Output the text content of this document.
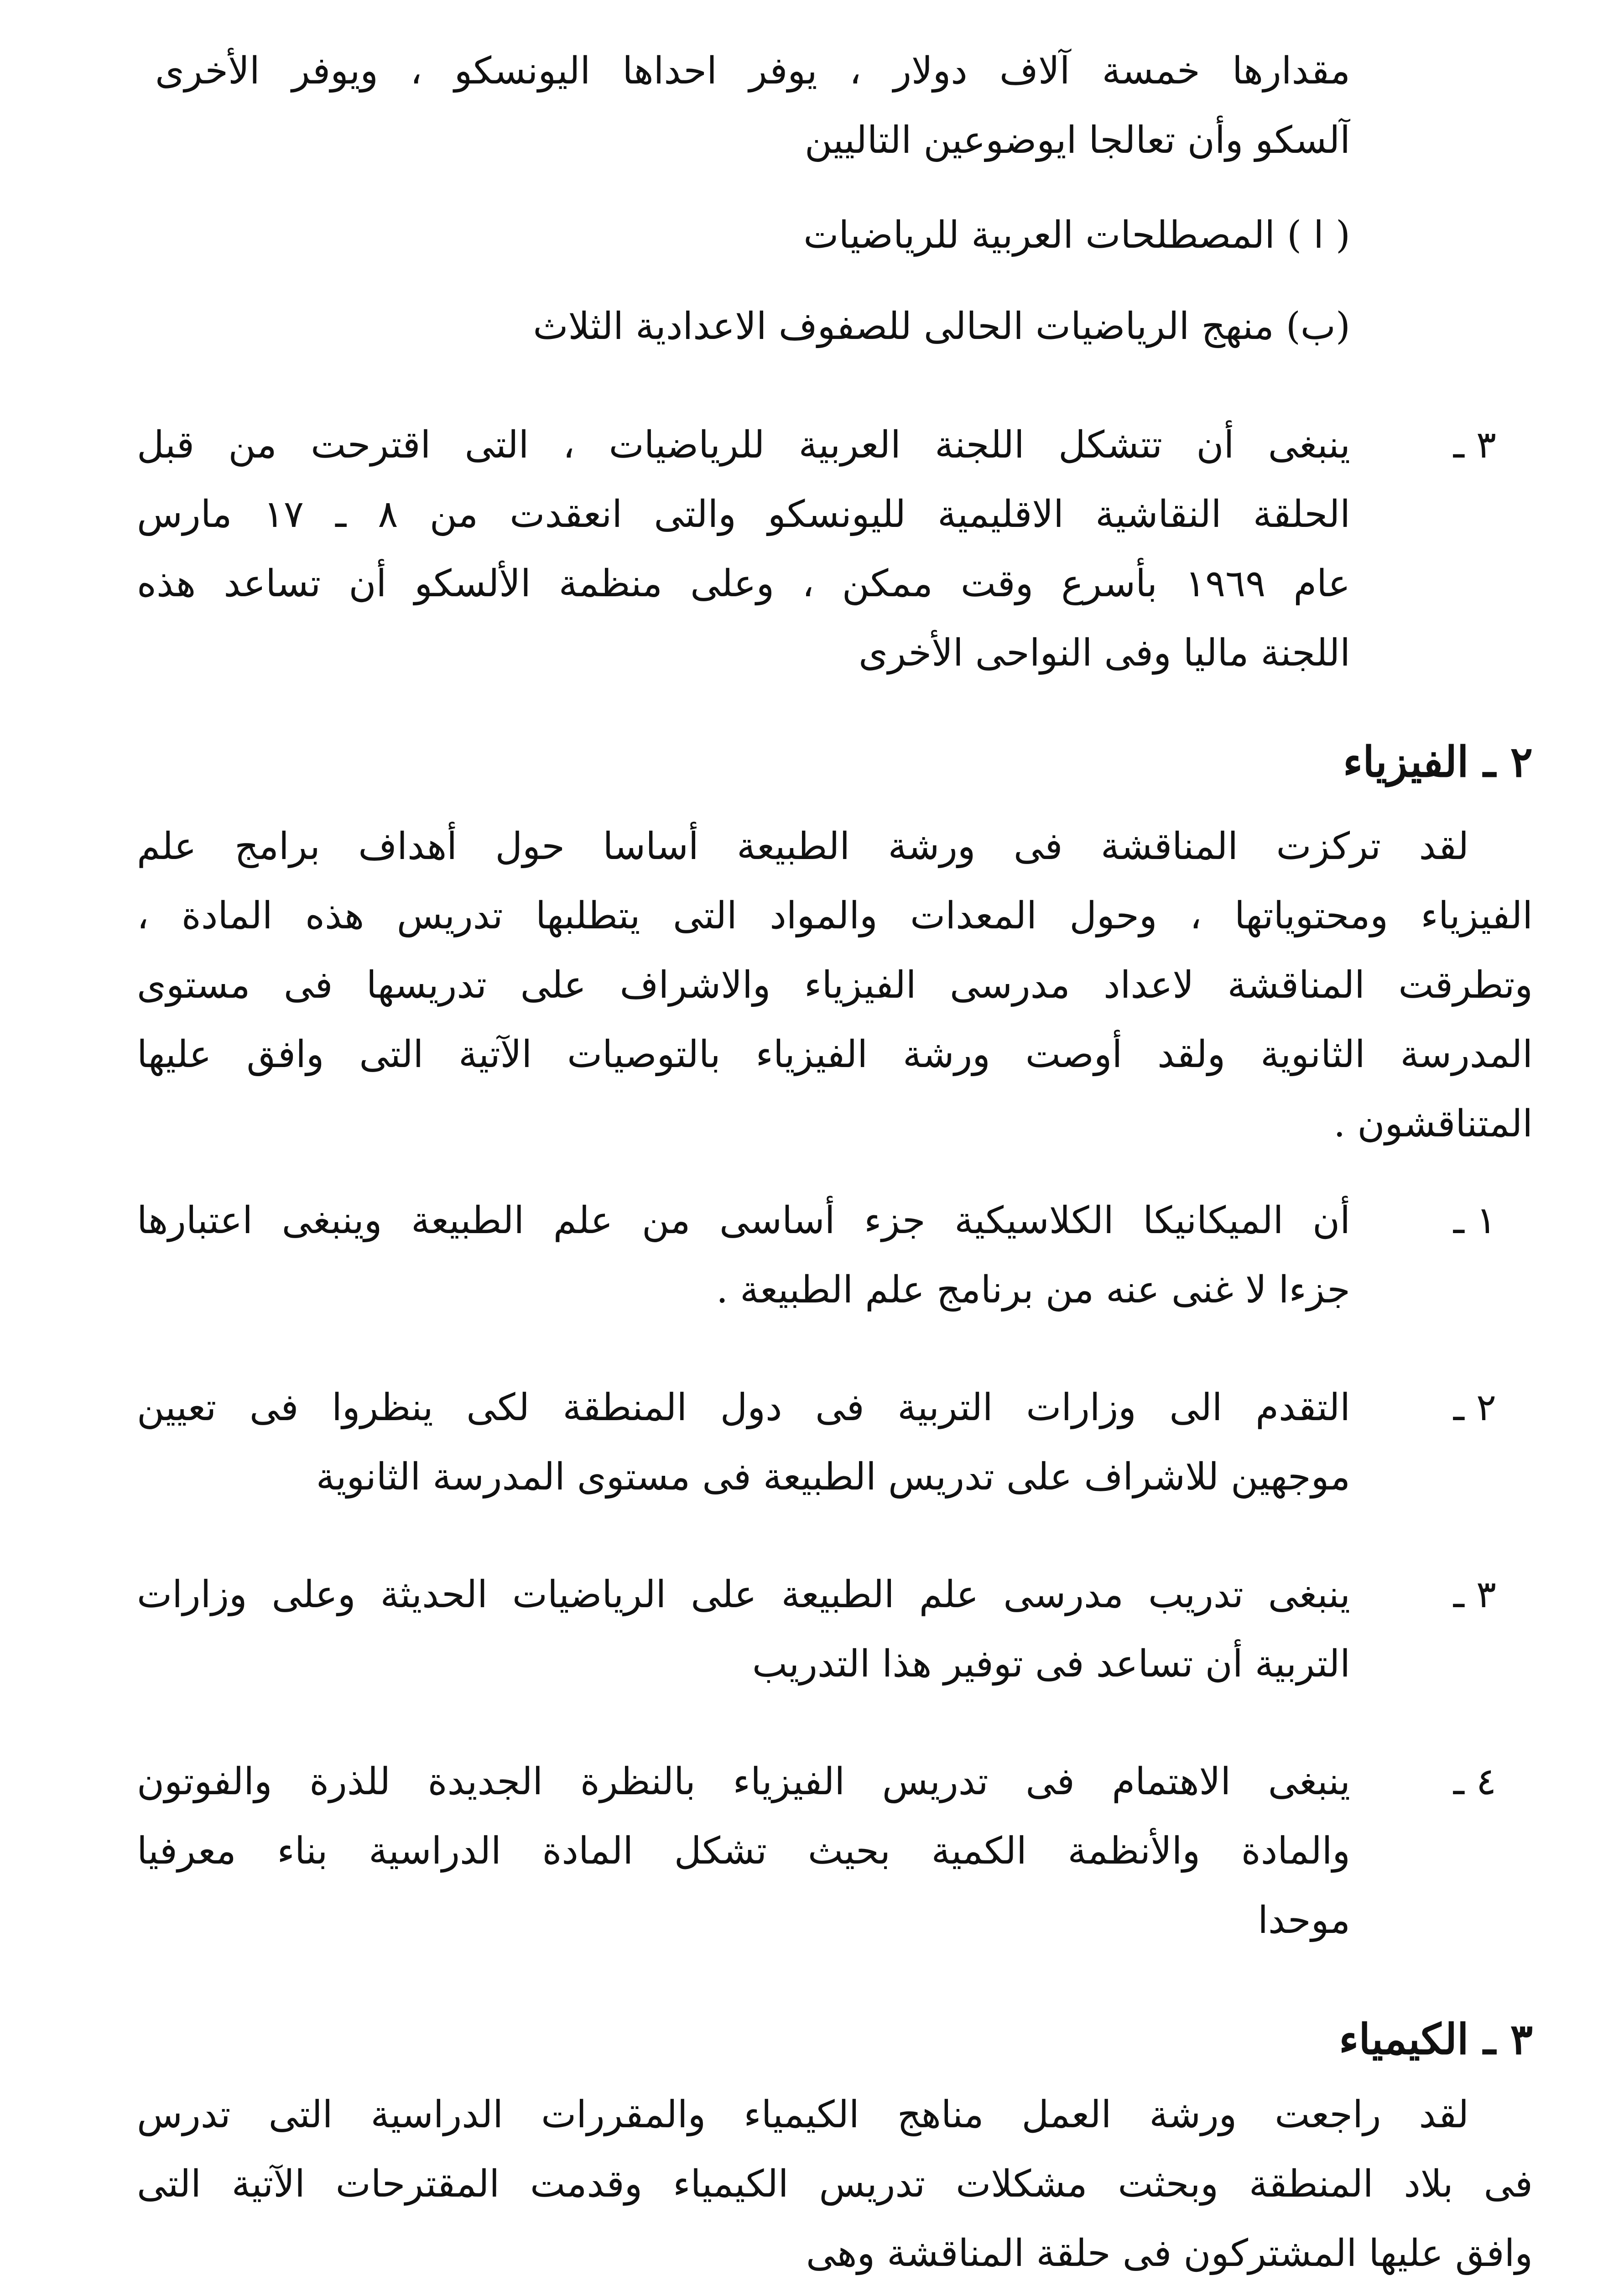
مقدارها خمسة آلاف دولار ، يوفر احداها اليونسكو ، ويوفر الأخرى
آلسكو وأن تعالجا ايوضوعين التاليين
( ا ) المصطلحات العربية للرياضيات
(ب) منهج الرياضيات الحالى للصفوف الاعدادية الثلاث
٣ ـ
ينبغى أن تتشكل اللجنة العربية للرياضيات ، التى اقترحت من قبل
الحلقة النقاشية الاقليمية لليونسكو والتى انعقدت من ٨ ـ ١٧ مارس
عام ١٩٦٩ بأسرع وقت ممكن ، وعلى منظمة الألسكو أن تساعد هذه
اللجنة ماليا وفى النواحى الأخرى
٢ ـ الفيزياء
لقد تركزت المناقشة فى ورشة الطبيعة أساسا حول أهداف برامج علم
الفيزياء ومحتوياتها ، وحول المعدات والمواد التى يتطلبها تدريس هذه المادة ،
وتطرقت المناقشة لاعداد مدرسى الفيزياء والاشراف على تدريسها فى مستوى
المدرسة الثانوية ولقد أوصت ورشة الفيزياء بالتوصيات الآتية التى وافق عليها
المتناقشون .
١ ـ
أن الميكانيكا الكلاسيكية جزء أساسى من علم الطبيعة وينبغى اعتبارها
جزءا لا غنى عنه من برنامج علم الطبيعة .
٢ ـ
التقدم الى وزارات التربية فى دول المنطقة لكى ينظروا فى تعيين
موجهين للاشراف على تدريس الطبيعة فى مستوى المدرسة الثانوية
٣ ـ
ينبغى تدريب مدرسى علم الطبيعة على الرياضيات الحديثة وعلى وزارات
التربية أن تساعد فى توفير هذا التدريب
٤ ـ
ينبغى الاهتمام فى تدريس الفيزياء بالنظرة الجديدة للذرة والفوتون
والمادة والأنظمة الكمية بحيث تشكل المادة الدراسية بناء معرفيا
موحدا
٣ ـ الكيمياء
لقد راجعت ورشة العمل مناهج الكيمياء والمقررات الدراسية التى تدرس
فى بلاد المنطقة وبحثت مشكلات تدريس الكيمياء وقدمت المقترحات الآتية التى
وافق عليها المشتركون فى حلقة المناقشة وهى
